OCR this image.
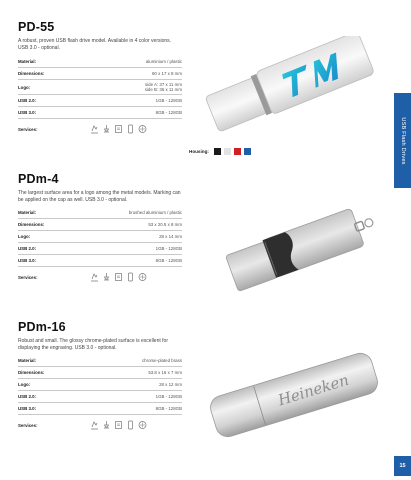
PD-55
A robust, proven USB flash drive model. Available in 4 color versions. USB 3.0 - optional.
Material:	aluminium / plastic
Dimensions:	60 x 17 x 8 mm
Logo:
side A: 37 x 11 mm
side B: 36 x 11 mm
USB 2.0:	1GB - 128GB
USB 3.0:	8GB - 128GB
Services:
Housing:
PDm-4
The largest surface area for a logo among the metal models. Marking can be applied on the cap as well. USB 3.0 - optional.
Material:	brushed aluminium / plastic
Dimensions:	53 x 20.5 x 8 mm
Logo:	28 x 14 mm
USB 2.0:	1GB - 128GB
USB 3.0:	8GB - 128GB
Services:
PDm-16
Robust and small. The glossy chrome-plated surface is excellent for displaying the engraving. USB 3.0 - optional.
Material:	chrome-plated brass
Dimensions:	53.8 x 16 x 7 mm
Logo:	28 x 12 mm
USB 2.0:	1GB - 128GB
USB 3.0:	8GB - 128GB
Services:
Heineken
USB Flash Drives
15
